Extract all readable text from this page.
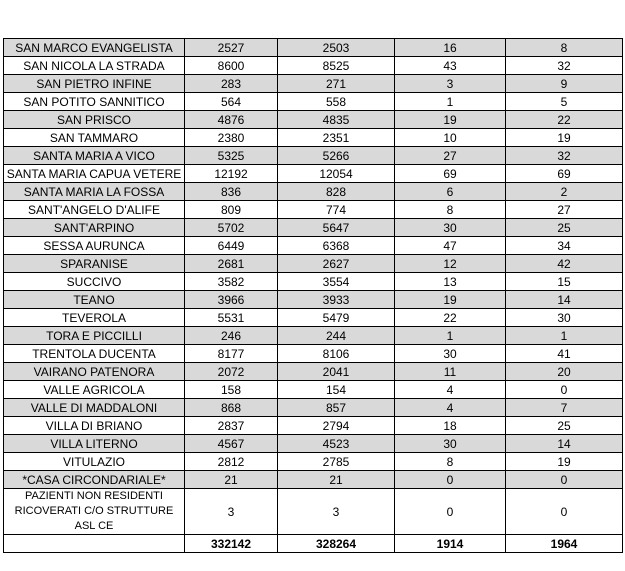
SAN MARCO EVANGELISTA	2527	2503	16	8
SAN NICOLA LA STRADA	8600	8525	43	32
SAN PIETRO INFINE	283	271	3	9
SAN POTITO SANNITICO	564	558	1	5
SAN PRISCO	4876	4835	19	22
SAN TAMMARO	2380	2351	10	19
SANTA MARIA A VICO	5325	5266	27	32
SANTA MARIA CAPUA VETERE	12192	12054	69	69
SANTA MARIA LA FOSSA	836	828	6	2
SANT'ANGELO D'ALIFE	809	774	8	27
SANT'ARPINO	5702	5647	30	25
SESSA AURUNCA	6449	6368	47	34
SPARANISE	2681	2627	12	42
SUCCIVO	3582	3554	13	15
TEANO	3966	3933	19	14
TEVEROLA	5531	5479	22	30
TORA E PICCILLI	246	244	1	1
TRENTOLA DUCENTA	8177	8106	30	41
VAIRANO PATENORA	2072	2041	11	20
VALLE AGRICOLA	158	154	4	0
VALLE DI MADDALONI	868	857	4	7
VILLA DI BRIANO	2837	2794	18	25
VILLA LITERNO	4567	4523	30	14
VITULAZIO	2812	2785	8	19
*CASA CIRCONDARIALE*	21	21	0	0
PAZIENTI NON RESIDENTI RICOVERATI C/O STRUTTURE ASL CE	3	3	0	0
	332142	328264	1914	1964
